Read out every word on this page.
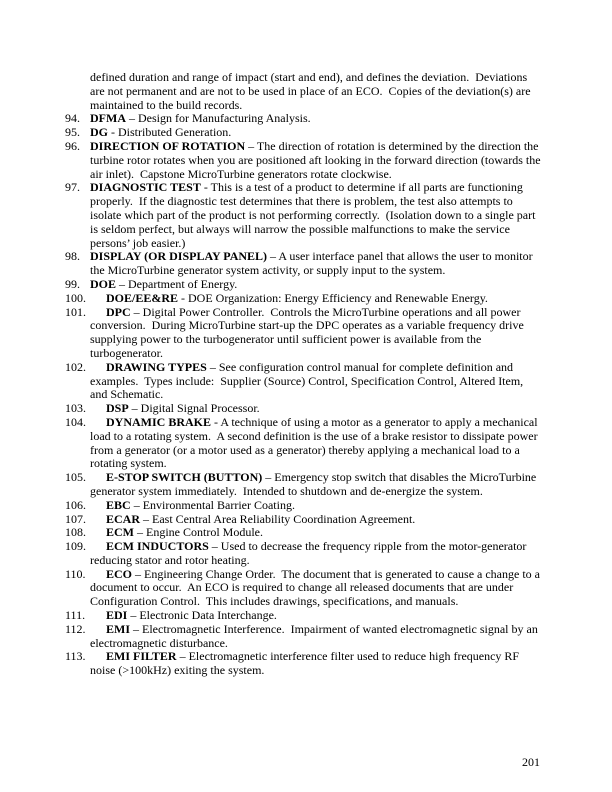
defined duration and range of impact (start and end), and defines the deviation.  Deviations are not permanent and are not to be used in place of an ECO.  Copies of the deviation(s) are maintained to the build records.

94. DFMA – Design for Manufacturing Analysis.
95. DG - Distributed Generation.
96. DIRECTION OF ROTATION – The direction of rotation is determined by the direction the turbine rotor rotates when you are positioned aft looking in the forward direction (towards the air inlet).  Capstone MicroTurbine generators rotate clockwise.
97. DIAGNOSTIC TEST - This is a test of a product to determine if all parts are functioning properly.  If the diagnostic test determines that there is problem, the test also attempts to isolate which part of the product is not performing correctly.  (Isolation down to a single part is seldom perfect, but always will narrow the possible malfunctions to make the service persons’ job easier.)
98. DISPLAY (OR DISPLAY PANEL) – A user interface panel that allows the user to monitor the MicroTurbine generator system activity, or supply input to the system.
99. DOE – Department of Energy.
100. DOE/EE&RE - DOE Organization: Energy Efficiency and Renewable Energy.
101. DPC – Digital Power Controller.  Controls the MicroTurbine operations and all power conversion.  During MicroTurbine start-up the DPC operates as a variable frequency drive supplying power to the turbogenerator until sufficient power is available from the turbogenerator.
102. DRAWING TYPES – See configuration control manual for complete definition and examples.  Types include:  Supplier (Source) Control, Specification Control, Altered Item, and Schematic.
103. DSP – Digital Signal Processor.
104. DYNAMIC BRAKE - A technique of using a motor as a generator to apply a mechanical load to a rotating system.  A second definition is the use of a brake resistor to dissipate power from a generator (or a motor used as a generator) thereby applying a mechanical load to a rotating system.
105. E-STOP SWITCH (BUTTON) – Emergency stop switch that disables the MicroTurbine generator system immediately.  Intended to shutdown and de-energize the system.
106. EBC – Environmental Barrier Coating.
107. ECAR – East Central Area Reliability Coordination Agreement.
108. ECM – Engine Control Module.
109. ECM INDUCTORS – Used to decrease the frequency ripple from the motor-generator reducing stator and rotor heating.
110. ECO – Engineering Change Order.  The document that is generated to cause a change to a document to occur.  An ECO is required to change all released documents that are under Configuration Control.  This includes drawings, specifications, and manuals.
111. EDI – Electronic Data Interchange.
112. EMI – Electromagnetic Interference.  Impairment of wanted electromagnetic signal by an electromagnetic disturbance.
113. EMI FILTER – Electromagnetic interference filter used to reduce high frequency RF noise (>100kHz) exiting the system.
201
